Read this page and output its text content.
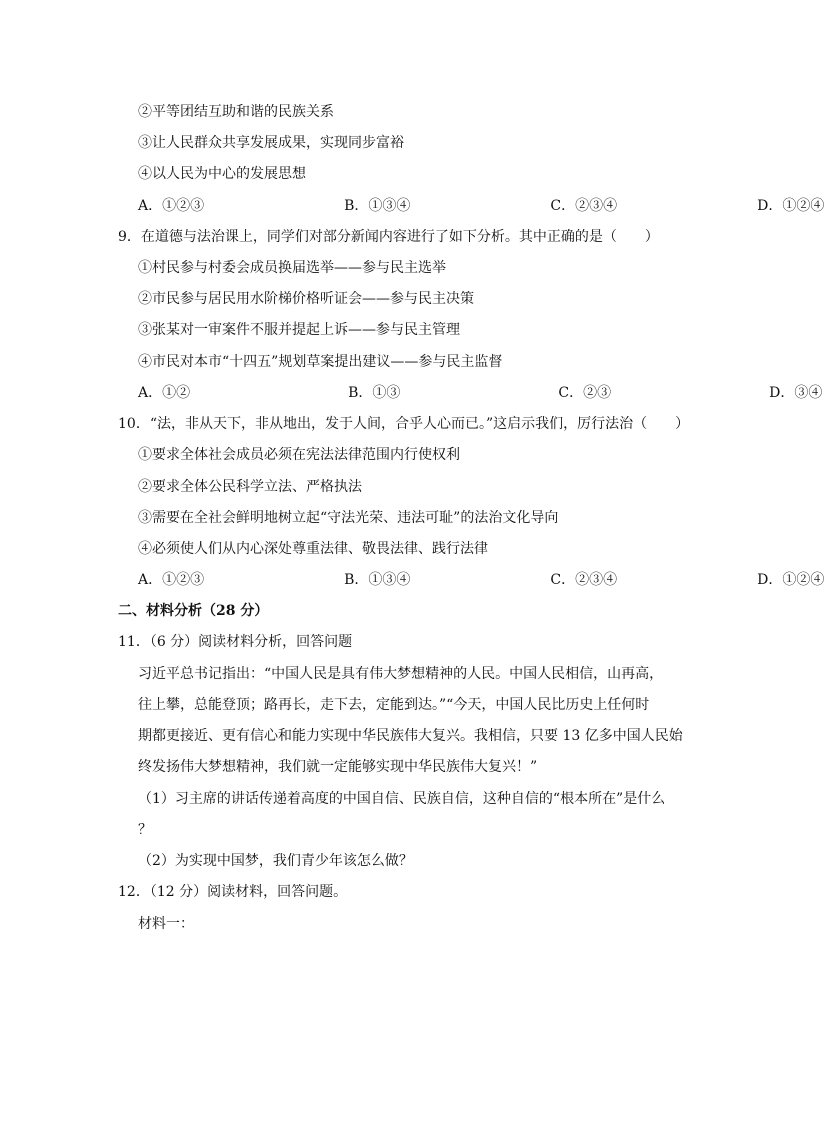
②平等团结互助和谐的民族关系
③让人民群众共享发展成果，实现同步富裕
④以人民为中心的发展思想
A．①②③	B．①③④	C．②③④	D．①②④
9．在道德与法治课上，同学们对部分新闻内容进行了如下分析。其中正确的是（　　）
①村民参与村委会成员换届选举——参与民主选举
②市民参与居民用水阶梯价格听证会——参与民主决策
③张某对一审案件不服并提起上诉——参与民主管理
④市民对本市“十四五”规划草案提出建议——参与民主监督
A．①②	B．①③	C．②③	D．③④
10．“法，非从天下，非从地出，发于人间，合乎人心而已。”这启示我们，厉行法治（　　）
①要求全体社会成员必须在宪法法律范围内行使权利
②要求全体公民科学立法、严格执法
③需要在全社会鲜明地树立起“守法光荣、违法可耻”的法治文化导向
④必须使人们从内心深处尊重法律、敬畏法律、践行法律
A．①②③	B．①③④	C．②③④	D．①②④
二、材料分析（28 分）
11．（6 分）阅读材料分析，回答问题
习近平总书记指出：“中国人民是具有伟大梦想精神的人民。中国人民相信，山再高，
往上攀，总能登顶；路再长，走下去，定能到达。”“今天，中国人民比历史上任何时
期都更接近、更有信心和能力实现中华民族伟大复兴。我相信，只要 13 亿多中国人民始
终发扬伟大梦想精神，我们就一定能够实现中华民族伟大复兴！”
（1）习主席的讲话传递着高度的中国自信、民族自信，这种自信的“根本所在”是什么
？
（2）为实现中国梦，我们青少年该怎么做？
12．（12 分）阅读材料，回答问题。
材料一：
